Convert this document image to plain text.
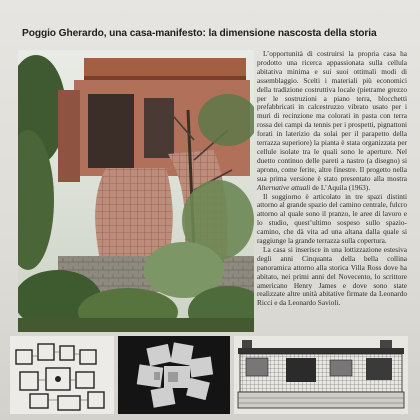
Poggio Gherardo, una casa-manifesto: la dimensione nascosta della storia

L’opportunità di costruirsi la propria casa ha prodotto una ricerca appassionata sulla cellula abitativa minima e sui suoi ottimali modi di assemblaggio. Scelti i materiali più economici della tradizione costruttiva locale (pietrame grezzo per le sostruzioni a piano terra, blocchetti prefabbricati in calcestruzzo vibrato usato per i muri di recinzione ma colorati in pasta con terra rossa dei campi da tennis per i prospetti, pignattoni forati in laterizio da solai per il parapetto della terrazza superiore) la pianta è stata organizzata per cellule isolate tra le quali sono le aperture. Nel duetto continuo delle pareti a nastro (a disegno) si aprono, come ferite, altre finestre. Il progetto nella sua prima versione è stato presentato alla mostra Alternative attuali de L’Aquila (1963).

Il soggiorno è articolato in tre spazi distinti attorno al grande spazio del camino centrale, fulcro attorno al quale sono il pranzo, le aree di lavoro e lo studio, quest’ultimo sospeso sullo spazio-camino, che dà vita ad una altana dalla quale si raggiunge la grande terrazza sulla copertura.

La casa si inserisce in una lottizzazione estesiva degli anni Cinquanta della bella collina panoramica attorno alla storica Villa Ross dove ha abitato, nei primi anni del Novecento, lo scrittore americano Henry James e dove sono state realizzate altre unità abitative firmate da Leonardo Ricci e da Leonardo Savioli.
